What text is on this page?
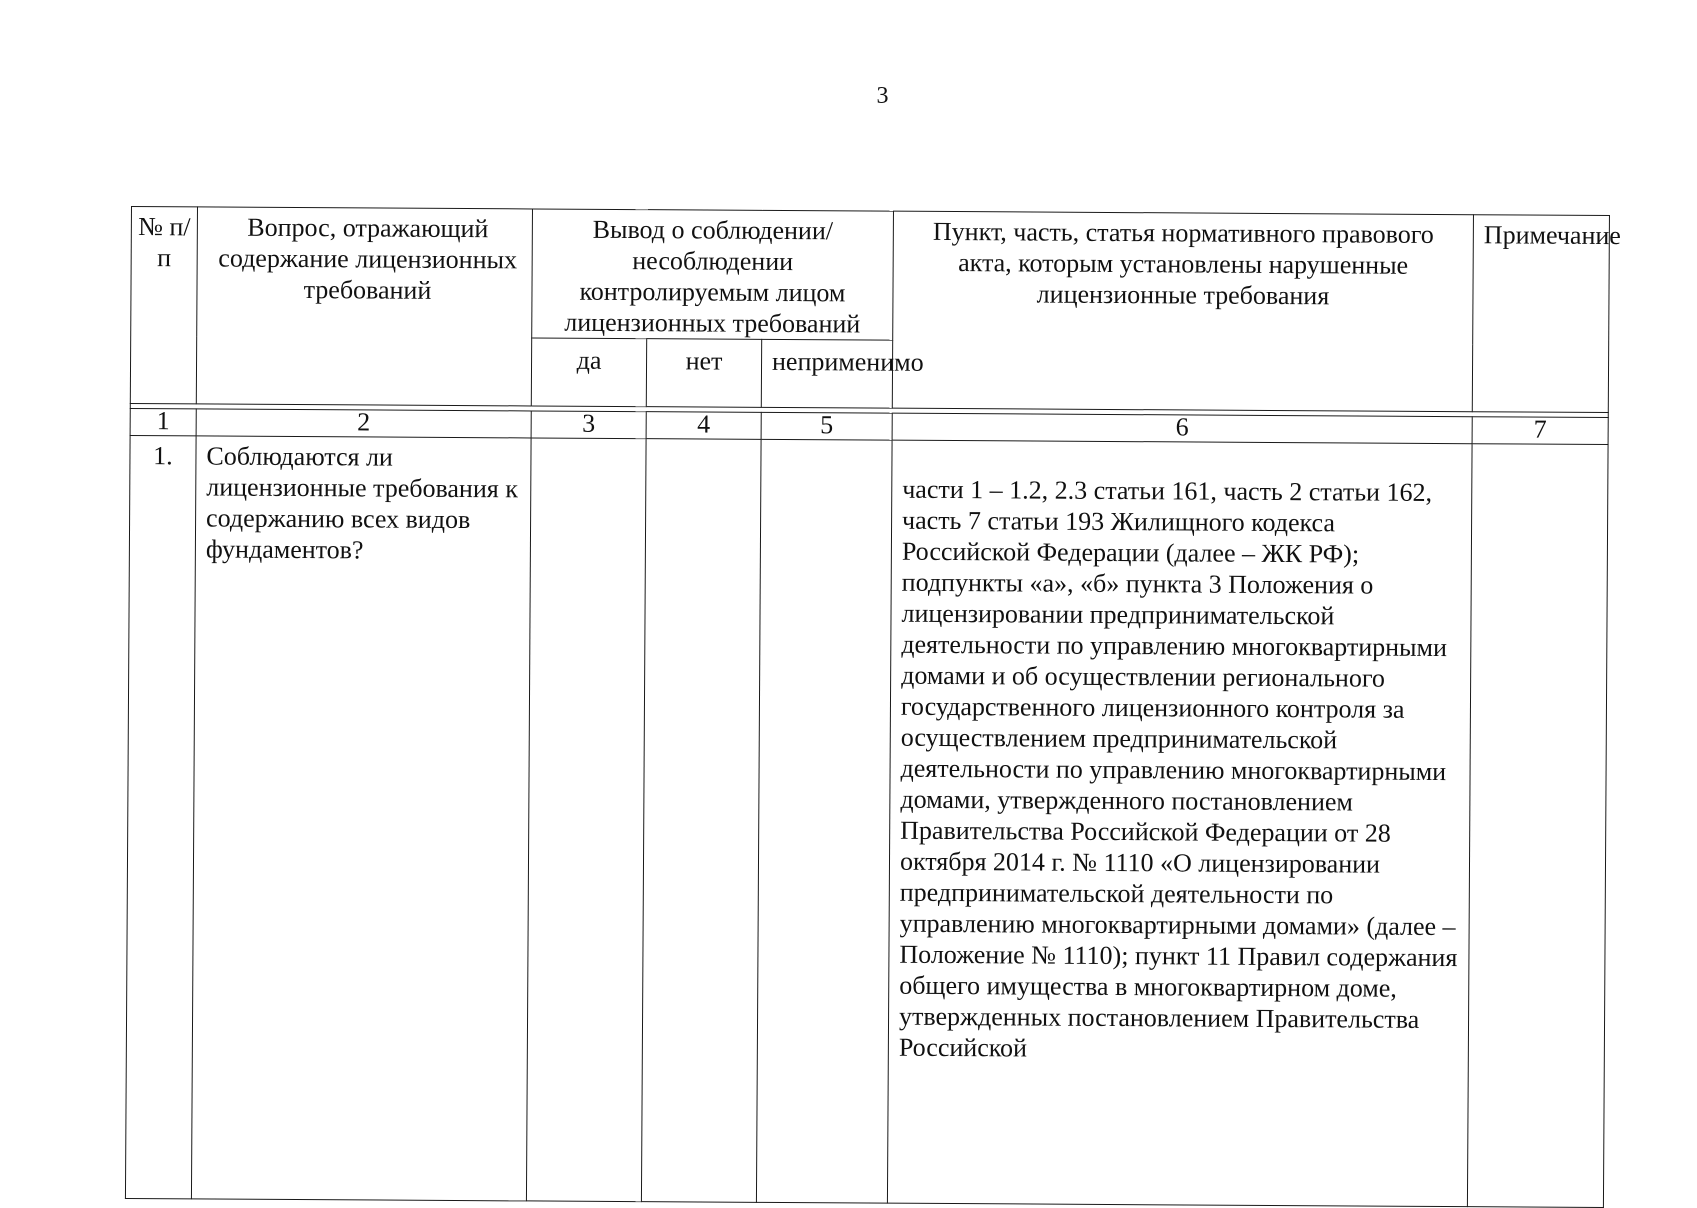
3
№ п/п	Вопрос, отражающий содержание лицензионных требований	Вывод о соблюдении/ несоблюдении контролируемым лицом лицензионных требований			Пункт, часть, статья нормативного правового акта, которым установлены нарушенные лицензионные требования	Примечание
		да	нет	неприменимо		

1	2	3	4	5	6	7
1.	Соблюдаются ли лицензионные требования к содержанию всех видов фундаментов?				части 1 – 1.2, 2.3 статьи 161, часть 2 статьи 162, часть 7 статьи 193 Жилищного кодекса Российской Федерации (далее – ЖК РФ); подпункты «а», «б» пункта 3 Положения о лицензировании предпринимательской деятельности по управлению многоквартирными домами и об осуществлении регионального государственного лицензионного контроля за осуществлением предпринимательской деятельности по управлению многоквартирными домами, утвержденного постановлением Правительства Российской Федерации от 28 октября 2014 г. № 1110 «О лицензировании предпринимательской деятельности по управлению многоквартирными домами» (далее – Положение № 1110); пункт 11 Правил содержания общего имущества в многоквартирном доме, утвержденных постановлением Правительства Российской	
